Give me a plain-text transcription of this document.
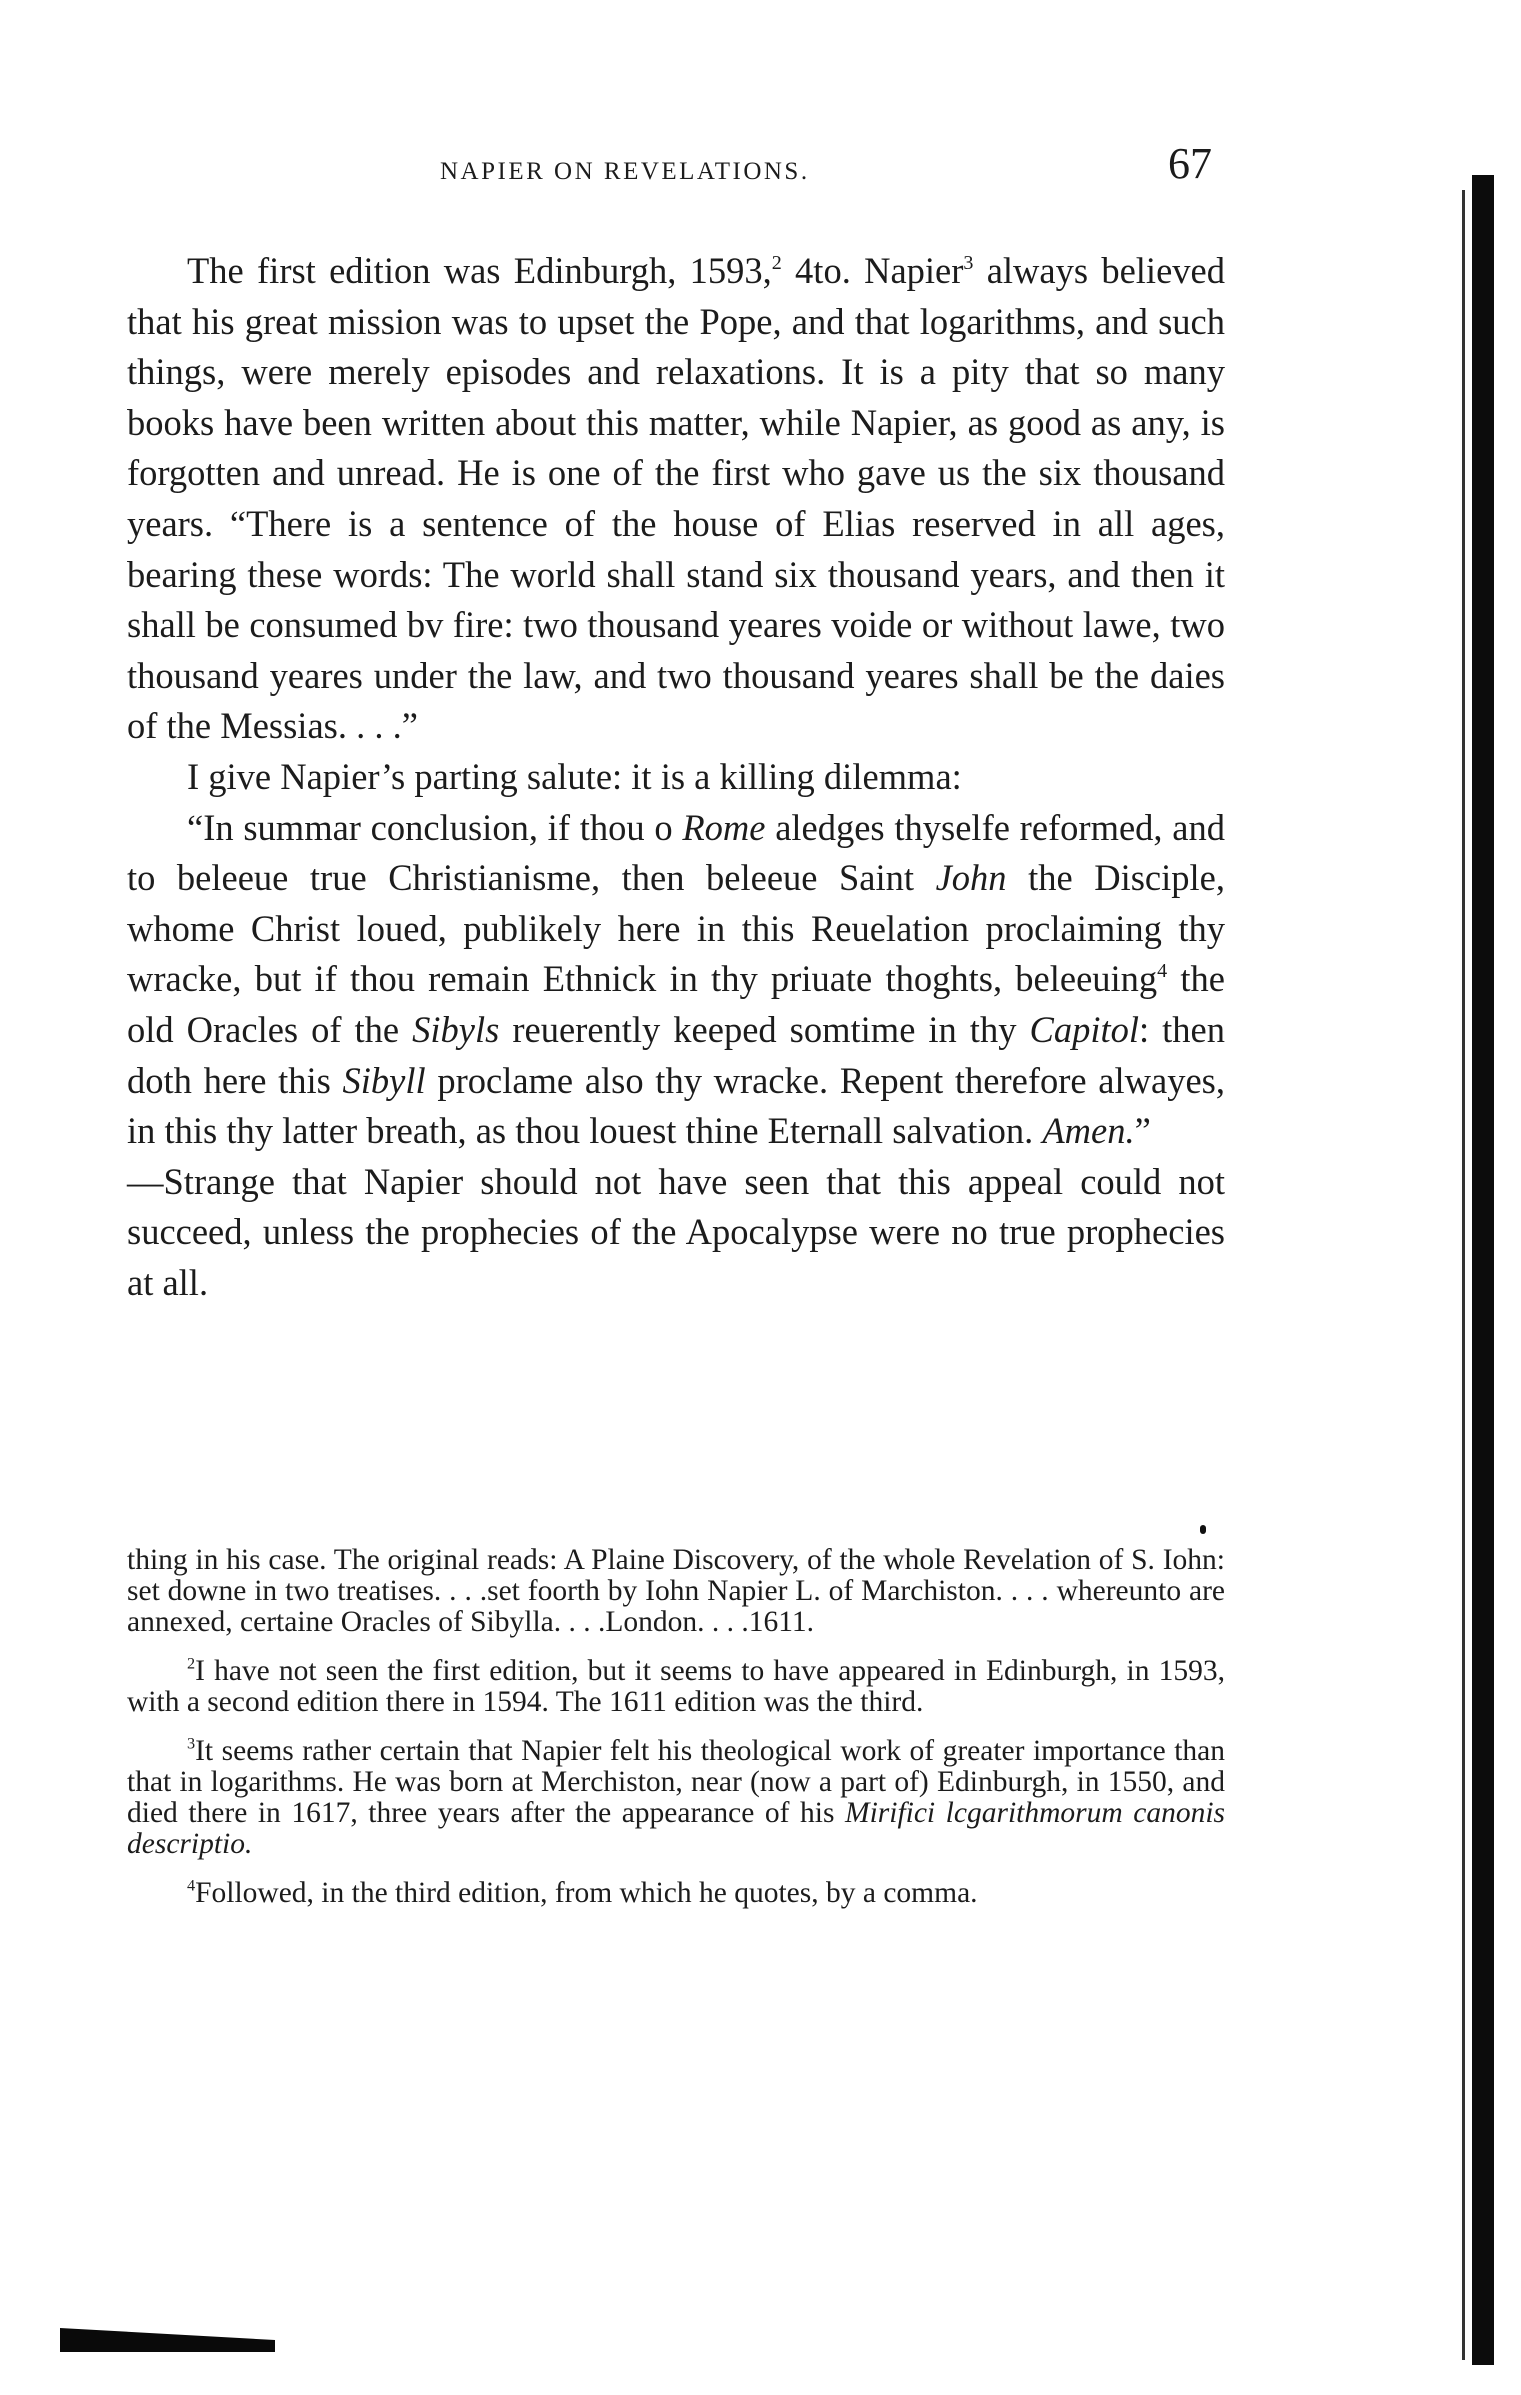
NAPIER ON REVELATIONS.	67

The first edition was Edinburgh, 1593,$^2$ 4to. Napier$^3$ always believed that his great mission was to upset the Pope, and that logarithms, and such things, were merely episodes and relaxations. It is a pity that so many books have been written about this matter, while Napier, as good as any, is forgotten and unread. He is one of the first who gave us the six thousand years. “There is a sentence of the house of Elias reserved in all ages, bearing these words: The world shall stand six thousand years, and then it shall be consumed bv fire: two thousand yeares voide or without lawe, two thousand yeares under the law, and two thousand yeares shall be the daies of the Messias. . . .”

I give Napier’s parting salute: it is a killing dilemma:

“In summar conclusion, if thou o Rome aledges thyselfe reformed, and to beleeue true Christianisme, then beleeue Saint John the Disciple, whome Christ loued, publikely here in this Reuelation proclaiming thy wracke, but if thou remain Ethnick in thy priuate thoghts, beleeuing$^4$ the old Oracles of the Sibyls reuerently keeped somtime in thy Capitol: then doth here this Sibyll proclame also thy wracke. Repent therefore alwayes, in this thy latter breath, as thou louest thine Eternall salvation. Amen.”

—Strange that Napier should not have seen that this appeal could not succeed, unless the prophecies of the Apocalypse were no true prophecies at all.

thing in his case. The original reads: A Plaine Discovery, of the whole Revelation of S. Iohn: set downe in two treatises. . . .set foorth by Iohn Napier L. of Marchiston. . . . whereunto are annexed, certaine Oracles of Sibylla. . . .London. . . .1611.

$^2$I have not seen the first edition, but it seems to have appeared in Edinburgh, in 1593, with a second edition there in 1594. The 1611 edition was the third.

$^3$It seems rather certain that Napier felt his theological work of greater importance than that in logarithms. He was born at Merchiston, near (now a part of) Edinburgh, in 1550, and died there in 1617, three years after the appearance of his Mirifici lcgarithmorum canonis descriptio.

$^4$Followed, in the third edition, from which he quotes, by a comma.
